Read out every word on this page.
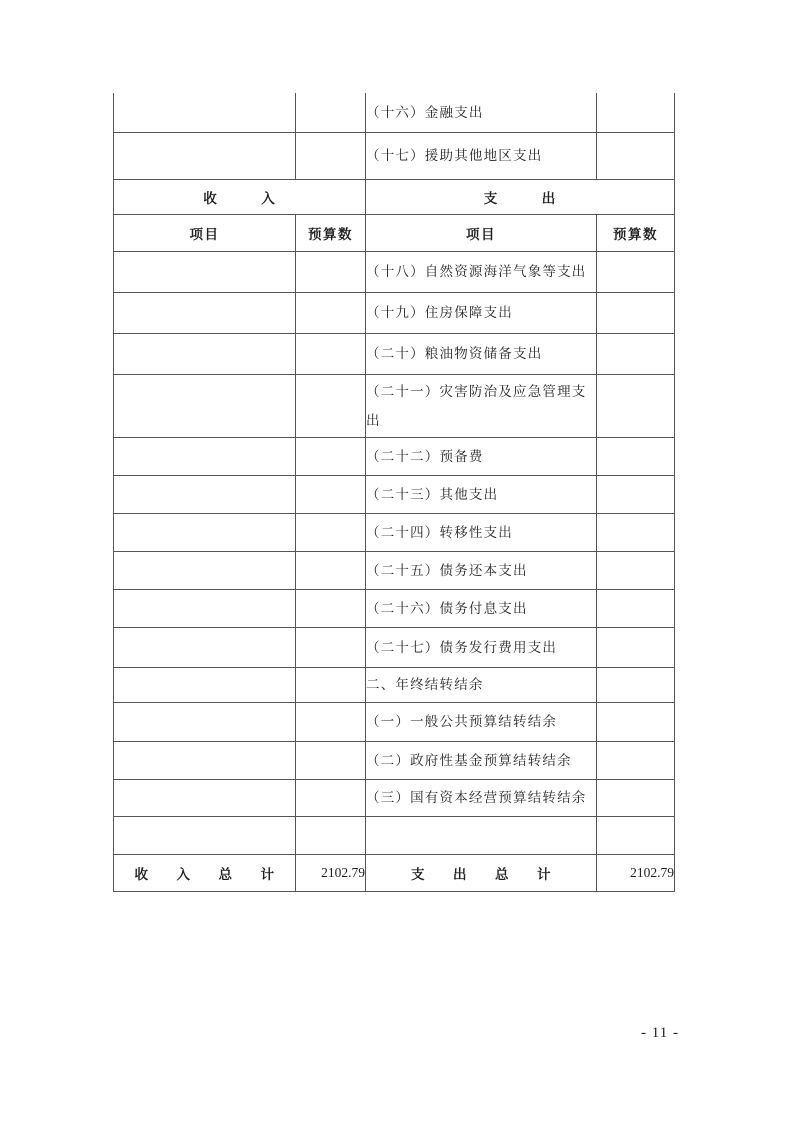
		（十六）金融支出	
		（十七）援助其他地区支出	
收　　　入		支　　　出	
项目	预算数	项目	预算数
		（十八）自然资源海洋气象等支出	
		（十九）住房保障支出	
		（二十）粮油物资储备支出	
		（二十一）灾害防治及应急管理支出	
		（二十二）预备费	
		（二十三）其他支出	
		（二十四）转移性支出	
		（二十五）债务还本支出	
		（二十六）债务付息支出	
		（二十七）债务发行费用支出	
		二、年终结转结余	
		（一）一般公共预算结转结余	
		（二）政府性基金预算结转结余	
		（三）国有资本经营预算结转结余	

收　　入　　总　　计	2102.79	支　　出　　总　　计	2102.79
- 11 -
